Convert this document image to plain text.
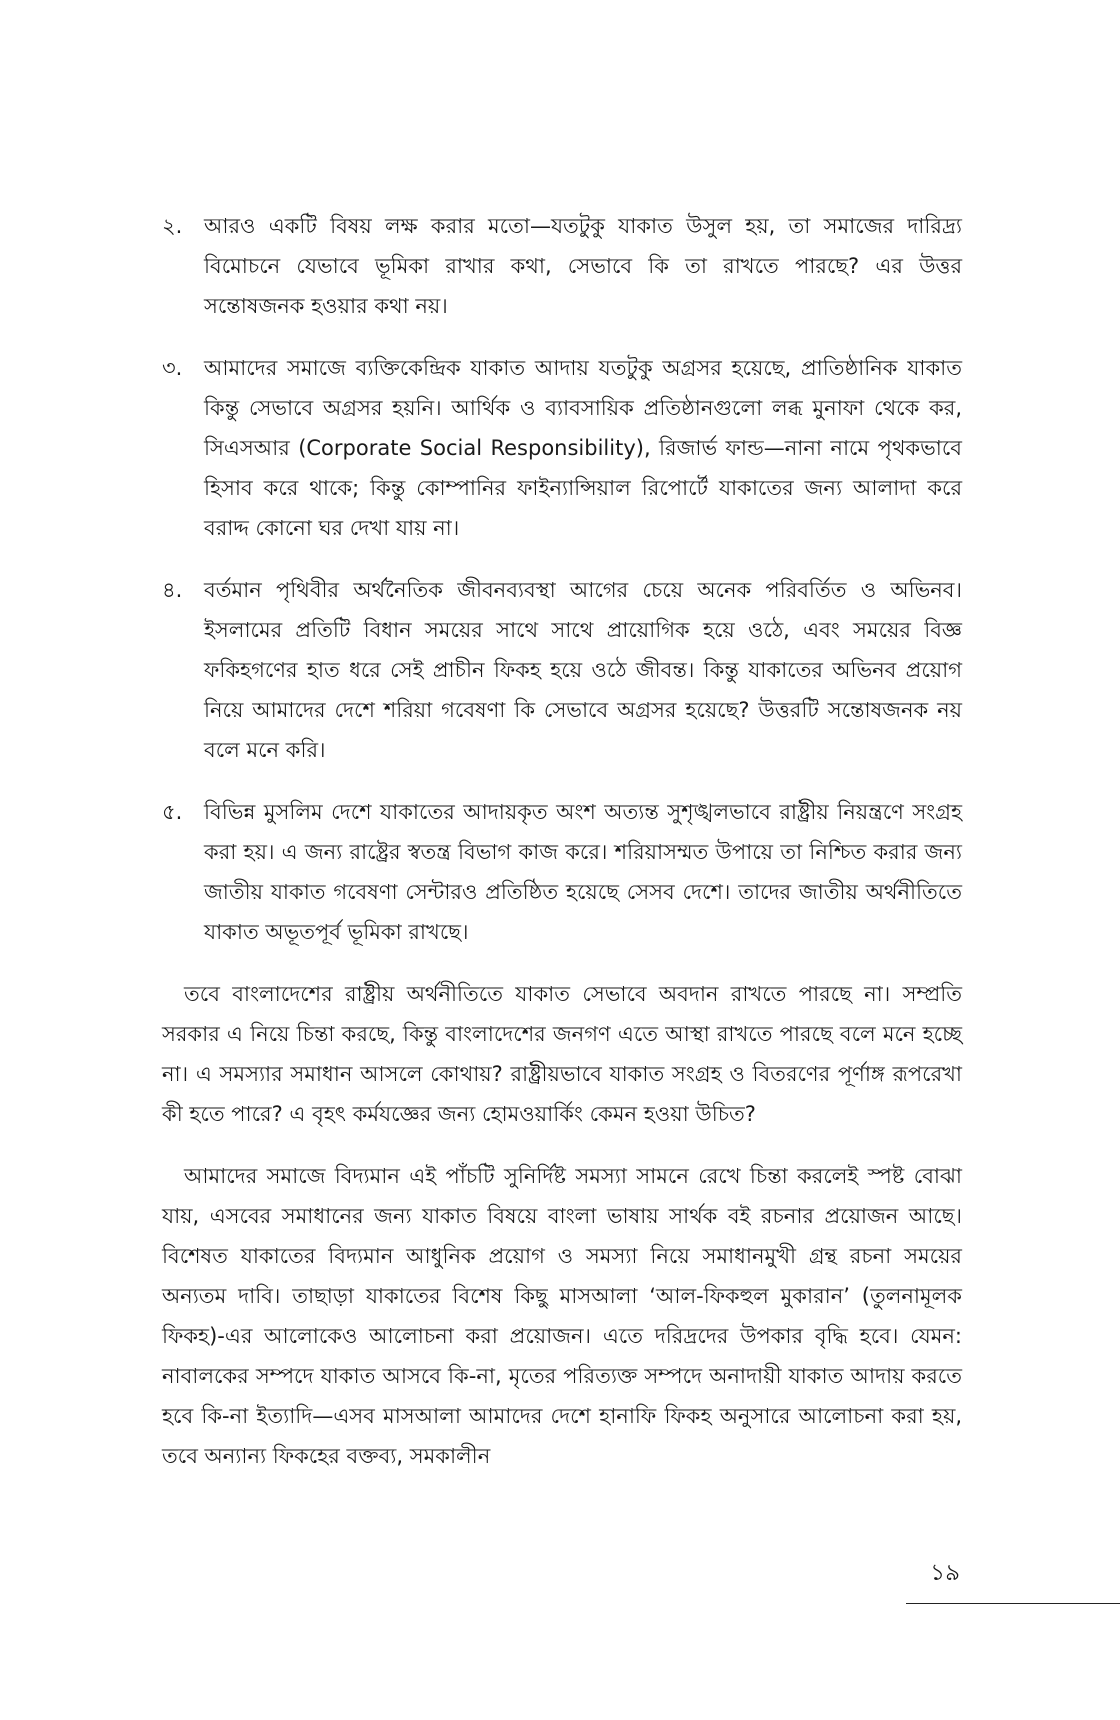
২.	আরও একটি বিষয় লক্ষ করার মতো—যতটুকু যাকাত উসুল হয়, তা সমাজের দারিদ্র্য বিমোচনে যেভাবে ভূমিকা রাখার কথা, সেভাবে কি তা রাখতে পারছে? এর উত্তর সন্তোষজনক হওয়ার কথা নয়।
৩.	আমাদের সমাজে ব্যক্তিকেন্দ্রিক যাকাত আদায় যতটুকু অগ্রসর হয়েছে, প্রাতিষ্ঠানিক যাকাত কিন্তু সেভাবে অগ্রসর হয়নি। আর্থিক ও ব্যাবসায়িক প্রতিষ্ঠানগুলো লব্ধ মুনাফা থেকে কর, সিএসআর (Corporate Social Responsibility), রিজার্ভ ফান্ড—নানা নামে পৃথকভাবে হিসাব করে থাকে; কিন্তু কোম্পানির ফাইন্যান্সিয়াল রিপোর্টে যাকাতের জন্য আলাদা করে বরাদ্দ কোনো ঘর দেখা যায় না।
৪.	বর্তমান পৃথিবীর অর্থনৈতিক জীবনব্যবস্থা আগের চেয়ে অনেক পরিবর্তিত ও অভিনব। ইসলামের প্রতিটি বিধান সময়ের সাথে সাথে প্রায়োগিক হয়ে ওঠে, এবং সময়ের বিজ্ঞ ফকিহগণের হাত ধরে সেই প্রাচীন ফিকহ হয়ে ওঠে জীবন্ত। কিন্তু যাকাতের অভিনব প্রয়োগ নিয়ে আমাদের দেশে শরিয়া গবেষণা কি সেভাবে অগ্রসর হয়েছে? উত্তরটি সন্তোষজনক নয় বলে মনে করি।
৫.	বিভিন্ন মুসলিম দেশে যাকাতের আদায়কৃত অংশ অত্যন্ত সুশৃঙ্খলভাবে রাষ্ট্রীয় নিয়ন্ত্রণে সংগ্রহ করা হয়। এ জন্য রাষ্ট্রের স্বতন্ত্র বিভাগ কাজ করে। শরিয়াসম্মত উপায়ে তা নিশ্চিত করার জন্য জাতীয় যাকাত গবেষণা সেন্টারও প্রতিষ্ঠিত হয়েছে সেসব দেশে। তাদের জাতীয় অর্থনীতিতে যাকাত অভূতপূর্ব ভূমিকা রাখছে।

তবে বাংলাদেশের রাষ্ট্রীয় অর্থনীতিতে যাকাত সেভাবে অবদান রাখতে পারছে না। সম্প্রতি সরকার এ নিয়ে চিন্তা করছে, কিন্তু বাংলাদেশের জনগণ এতে আস্থা রাখতে পারছে বলে মনে হচ্ছে না। এ সমস্যার সমাধান আসলে কোথায়? রাষ্ট্রীয়ভাবে যাকাত সংগ্রহ ও বিতরণের পূর্ণাঙ্গ রূপরেখা কী হতে পারে? এ বৃহৎ কর্মযজ্ঞের জন্য হোমওয়ার্কিং কেমন হওয়া উচিত?

আমাদের সমাজে বিদ্যমান এই পাঁচটি সুনির্দিষ্ট সমস্যা সামনে রেখে চিন্তা করলেই স্পষ্ট বোঝা যায়, এসবের সমাধানের জন্য যাকাত বিষয়ে বাংলা ভাষায় সার্থক বই রচনার প্রয়োজন আছে। বিশেষত যাকাতের বিদ্যমান আধুনিক প্রয়োগ ও সমস্যা নিয়ে সমাধানমুখী গ্রন্থ রচনা সময়ের অন্যতম দাবি। তাছাড়া যাকাতের বিশেষ কিছু মাসআলা ‘আল-ফিকহুল মুকারান’ (তুলনামূলক ফিকহ)-এর আলোকেও আলোচনা করা প্রয়োজন। এতে দরিদ্রদের উপকার বৃদ্ধি হবে। যেমন: নাবালকের সম্পদে যাকাত আসবে কি-না, মৃতের পরিত্যক্ত সম্পদে অনাদায়ী যাকাত আদায় করতে হবে কি-না ইত্যাদি—এসব মাসআলা আমাদের দেশে হানাফি ফিকহ অনুসারে আলোচনা করা হয়, তবে অন্যান্য ফিকহের বক্তব্য, সমকালীন

১৯
